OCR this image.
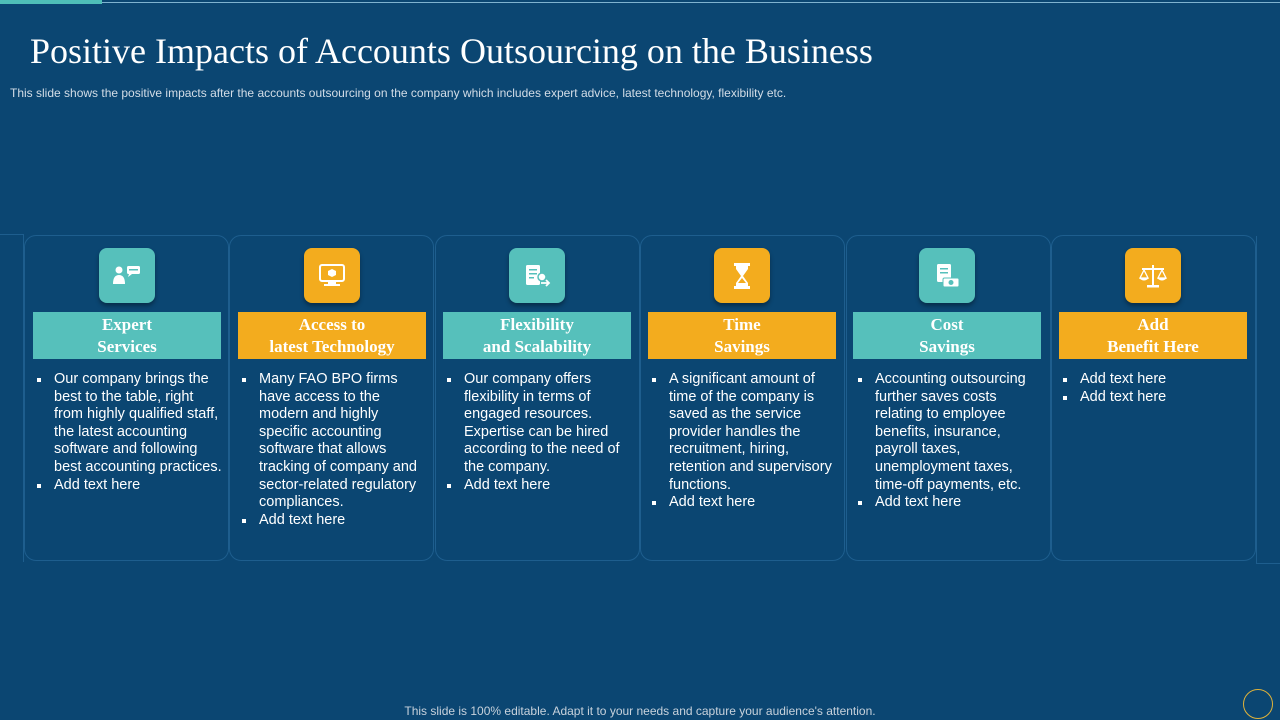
Positive Impacts of Accounts Outsourcing on the Business
This slide shows the positive impacts after the accounts outsourcing on the company which includes expert advice, latest technology, flexibility etc.
Expert
Services
Our company brings the best to the table, right from highly qualified staff, the latest accounting software and following best accounting practices.
Add text here
Access to
latest Technology
Many FAO BPO firms have access to the modern and highly specific accounting software that allows tracking of company and sector-related regulatory compliances.
Add text here
Flexibility
and Scalability
Our company offers flexibility in terms of engaged resources. Expertise can be hired according to the need of the company.
Add text here
Time
Savings
A significant amount of time of the company is saved as the service provider handles the recruitment, hiring, retention and supervisory functions.
Add text here
Cost
Savings
Accounting outsourcing further saves costs relating to employee benefits, insurance, payroll taxes, unemployment taxes, time-off payments, etc.
Add text here
Add
Benefit Here
Add text here
Add text here
This slide is 100% editable. Adapt it to your needs and capture your audience's attention.
